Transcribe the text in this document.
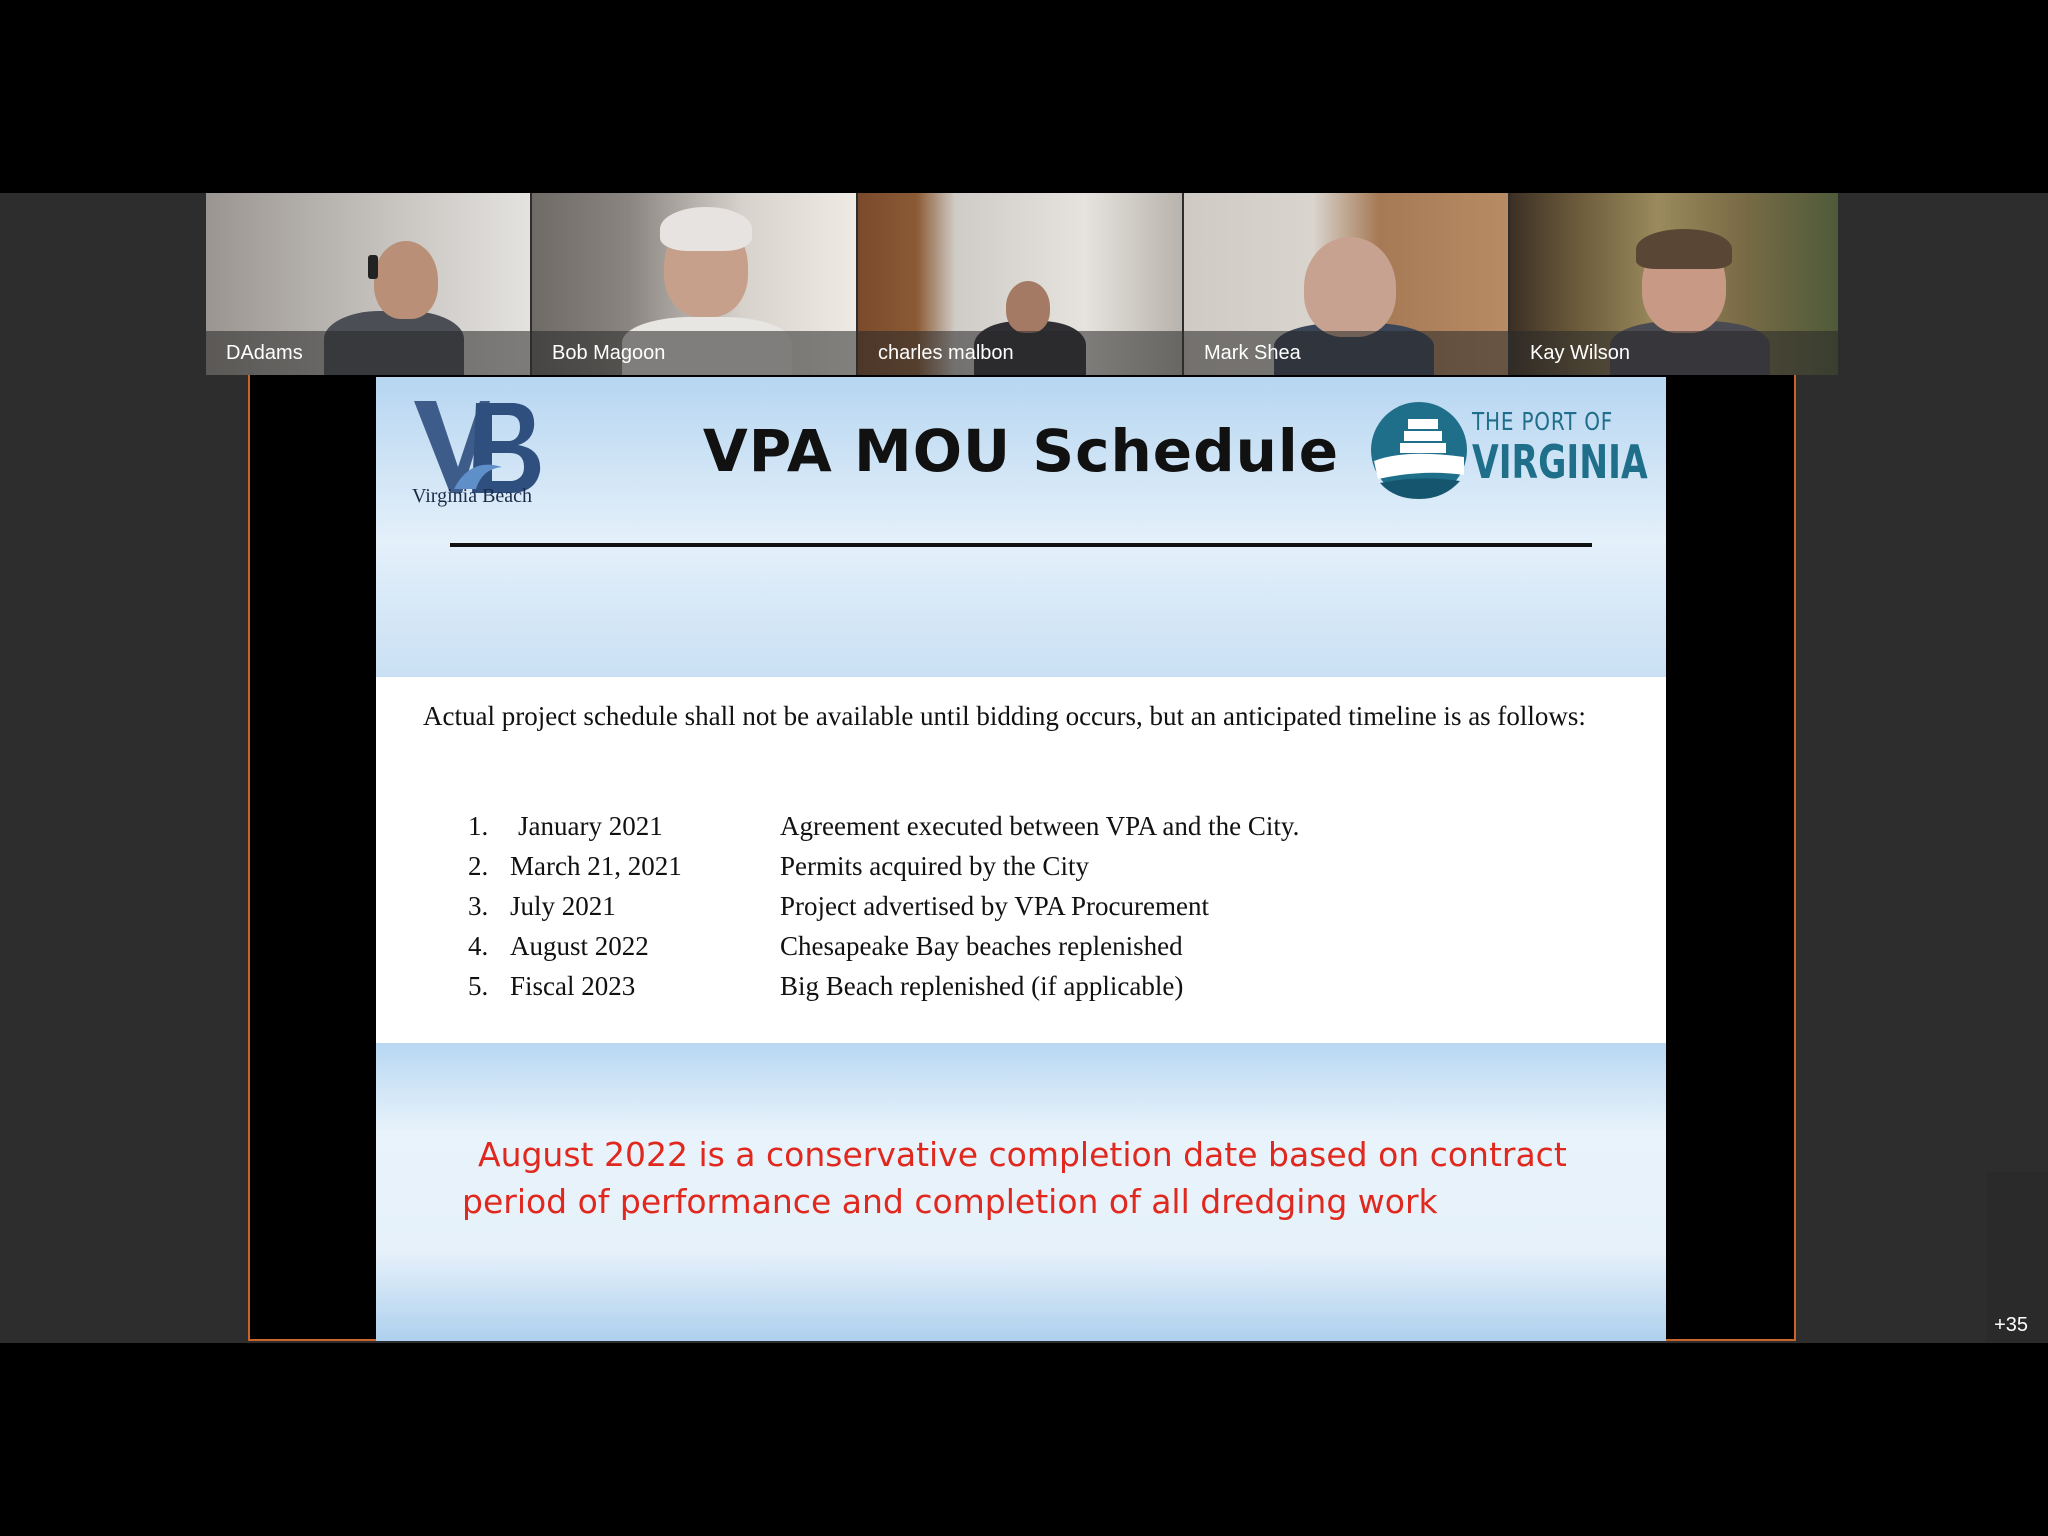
DAdams	Bob Magoon	charles malbon	Mark Shea	Kay Wilson
Virginia Beach
VPA MOU Schedule	THE PORT OF
VIRGINIA
Actual project schedule shall not be available until bidding occurs, but an anticipated timeline is as follows:
1. January 2021	Agreement executed between VPA and the City.
2. March 21, 2021	Permits acquired by the City
3. July 2021	Project advertised by VPA Procurement
4. August 2022	Chesapeake Bay beaches replenished
5. Fiscal 2023	Big Beach replenished (if applicable)
August 2022 is a conservative completion date based on contract
period of performance and completion of all dredging work
+35
